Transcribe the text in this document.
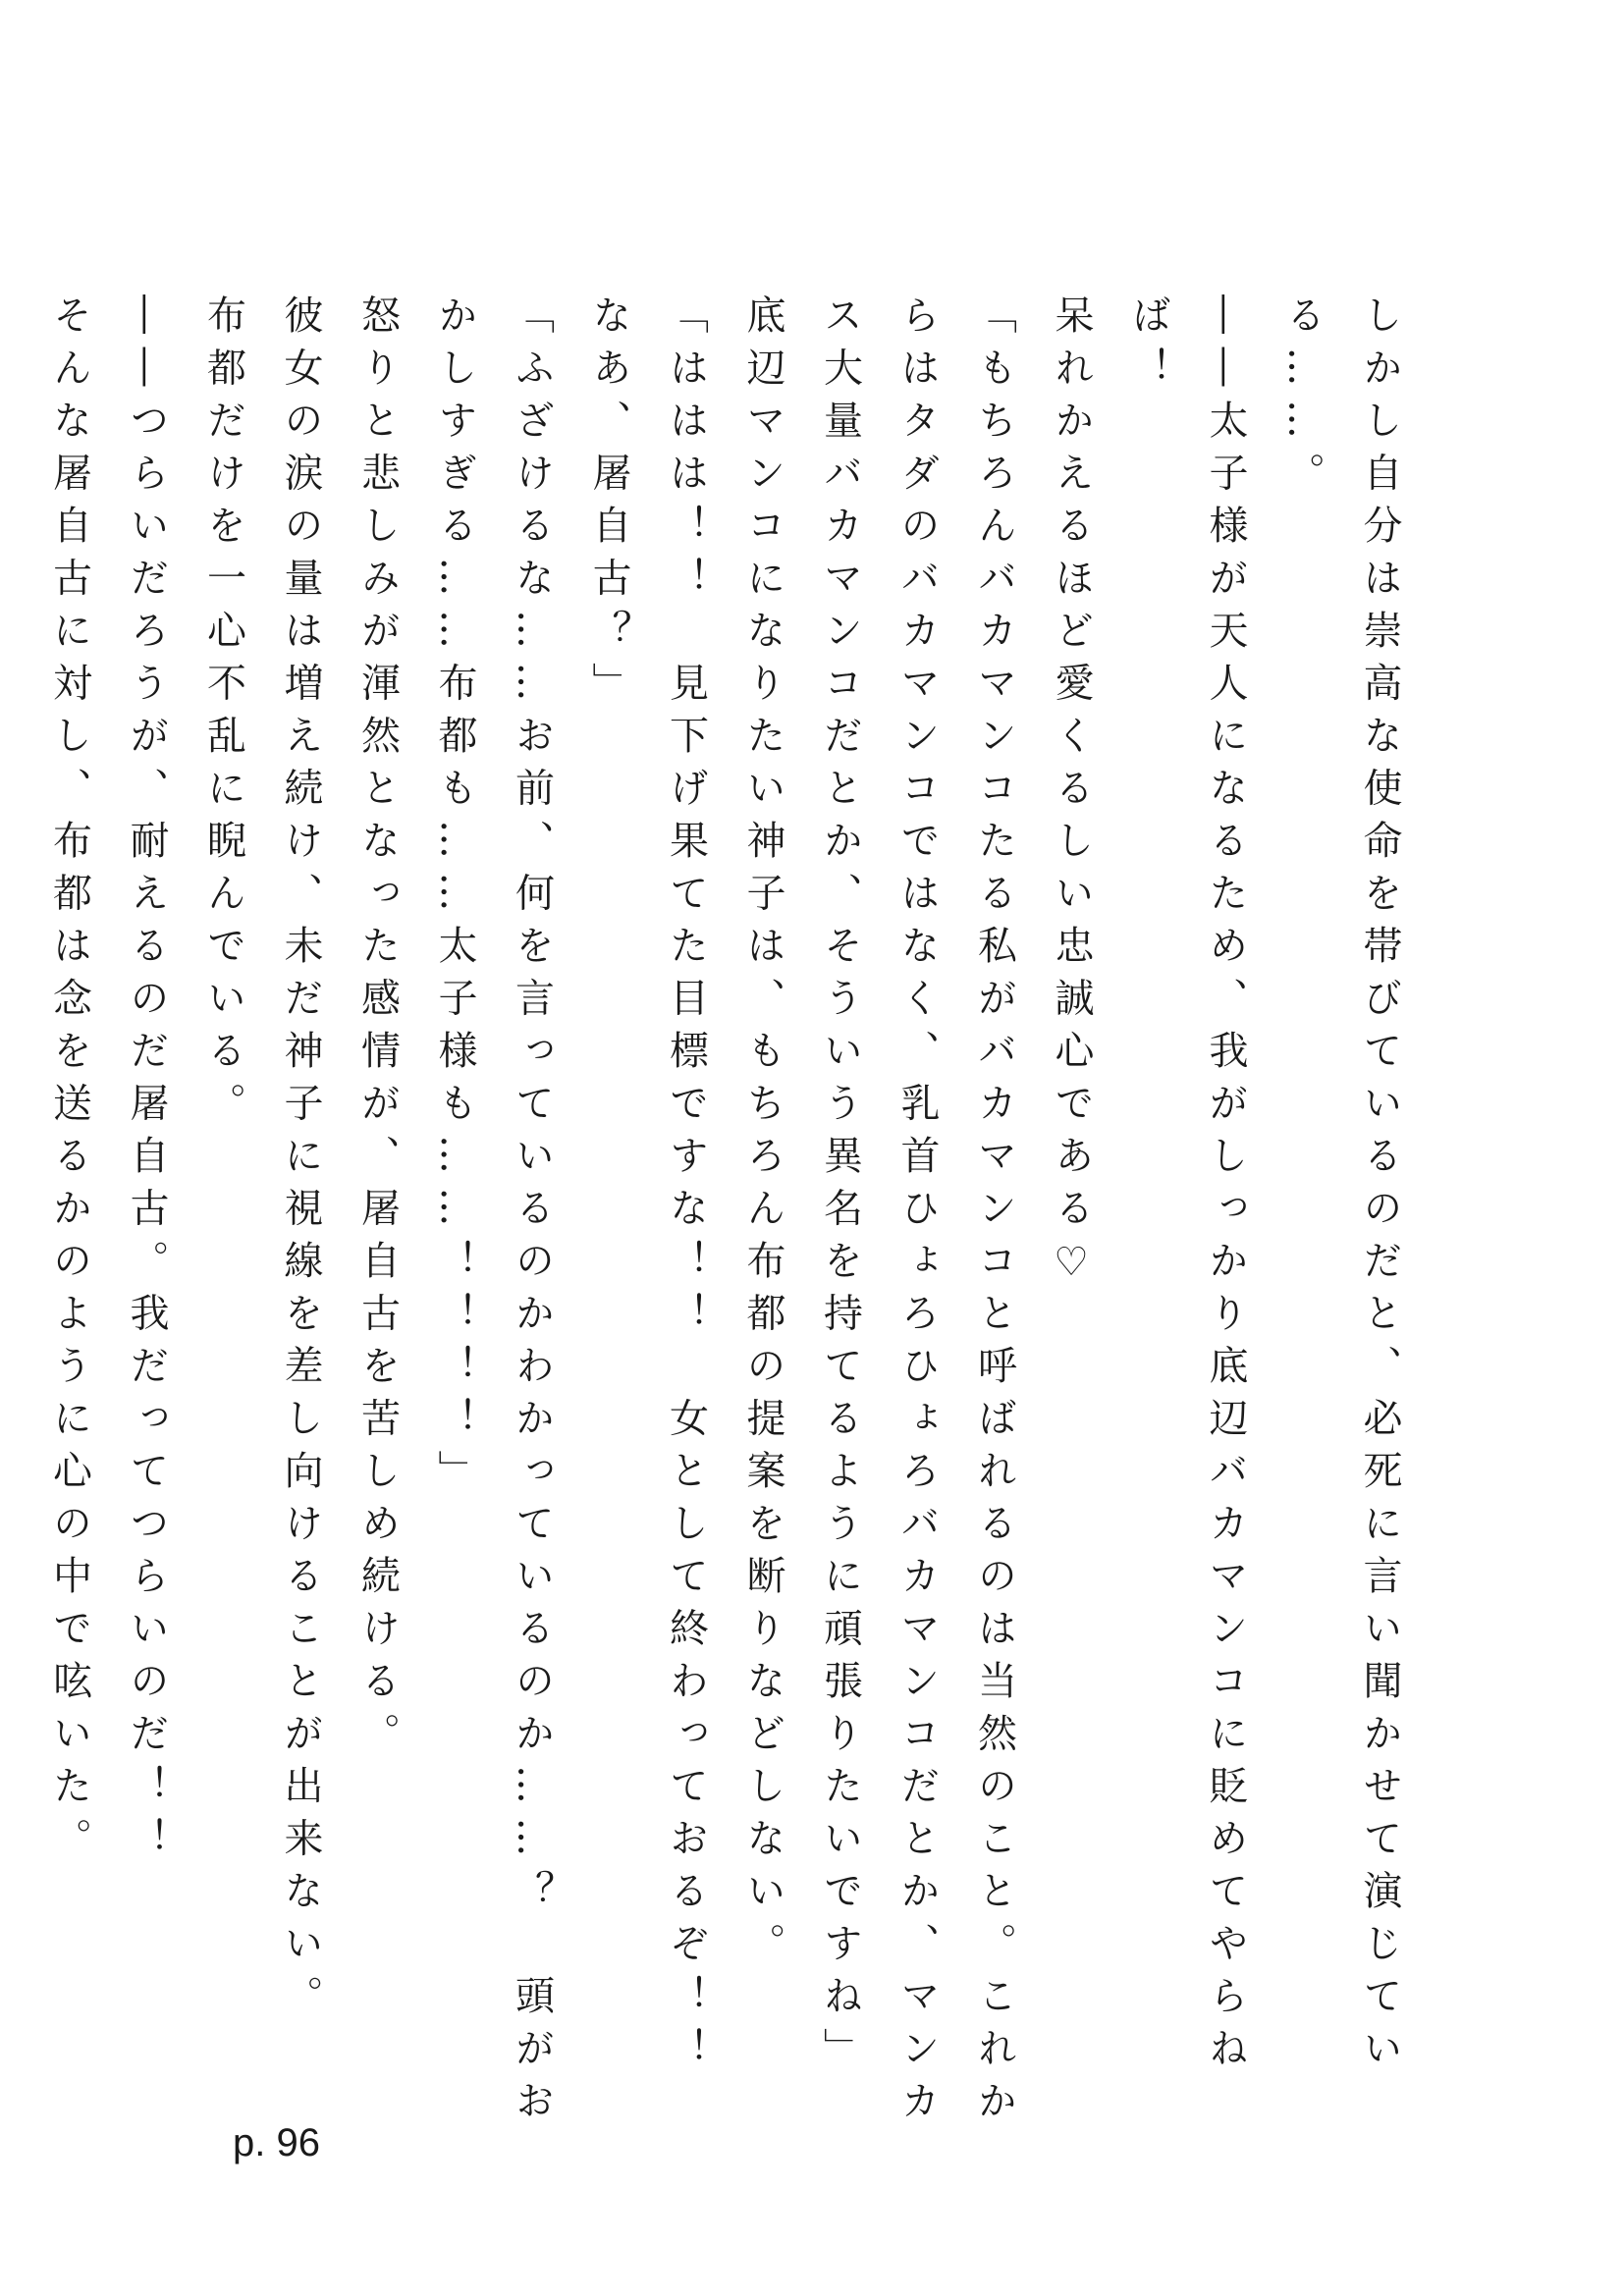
しかし自分は崇高な使命を帯びているのだと、必死に言い聞かせて演じている……。

――太子様が天人になるため、我がしっかり底辺バカマンコに貶めてやらねば！

呆れかえるほど愛くるしい忠誠心である♡

「もちろんバカマンコたる私がバカマンコと呼ばれるのは当然のこと。これからはタダのバカマンコではなく、乳首ひょろひょろバカマンコだとか、マンカス大量バカマンコだとか、そういう異名を持てるように頑張りたいですね」

底辺マンコになりたい神子は、もちろん布都の提案を断りなどしない。

「ははは！！　見下げ果てた目標ですな！！　女として終わっておるぞ！！　なあ、屠自古？」

「ふざけるな……お前、何を言っているのかわかっているのか……？　頭がおかしすぎる……布都も……太子様も……！！！！」

怒りと悲しみが渾然となった感情が、屠自古を苦しめ続ける。

彼女の涙の量は増え続け、未だ神子に視線を差し向けることが出来ない。

布都だけを一心不乱に睨んでいる。

――つらいだろうが、耐えるのだ屠自古。我だってつらいのだ！！

そんな屠自古に対し、布都は念を送るかのように心の中で呟いた。

p. 96
